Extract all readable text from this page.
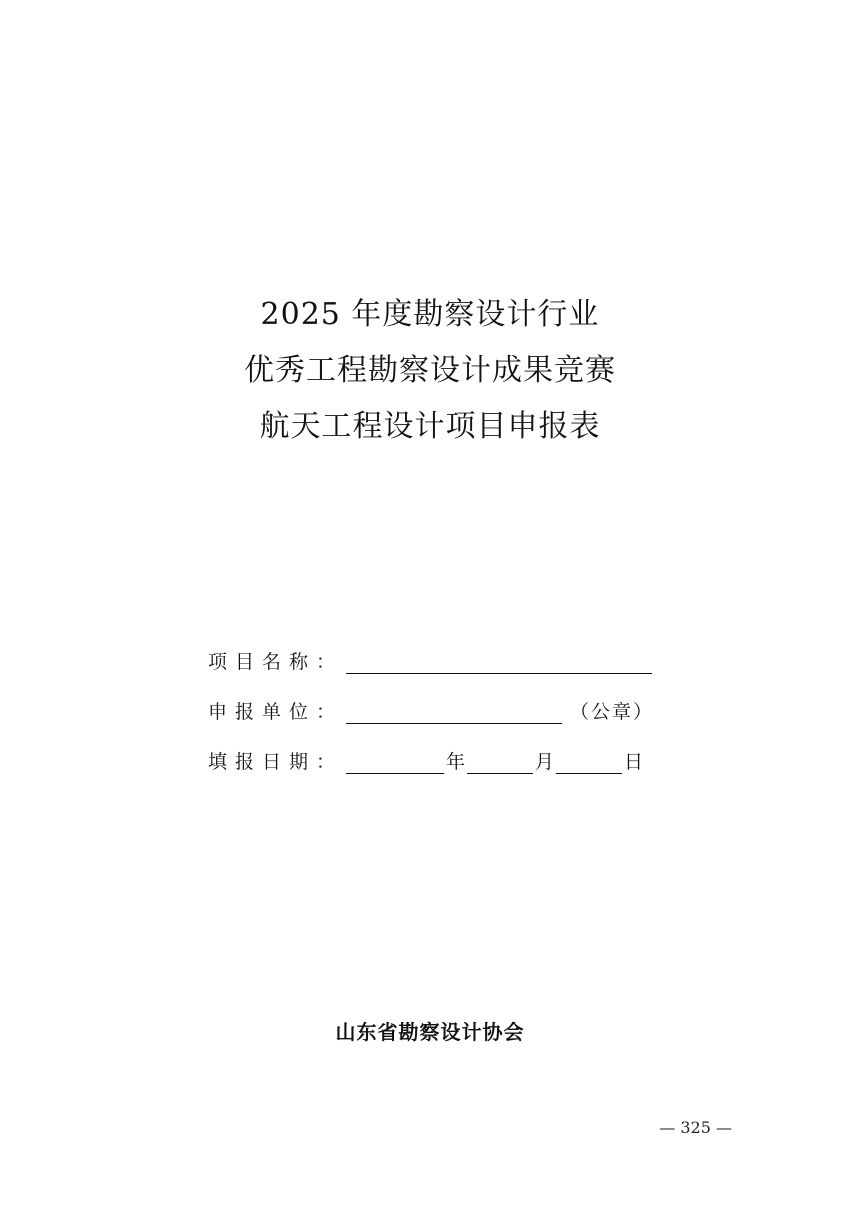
2025 年度勘察设计行业
优秀工程勘察设计成果竞赛
航天工程设计项目申报表
项目名称：
申报单位：	（公章）
填报日期：	年	月	日
山东省勘察设计协会
— 325 —
